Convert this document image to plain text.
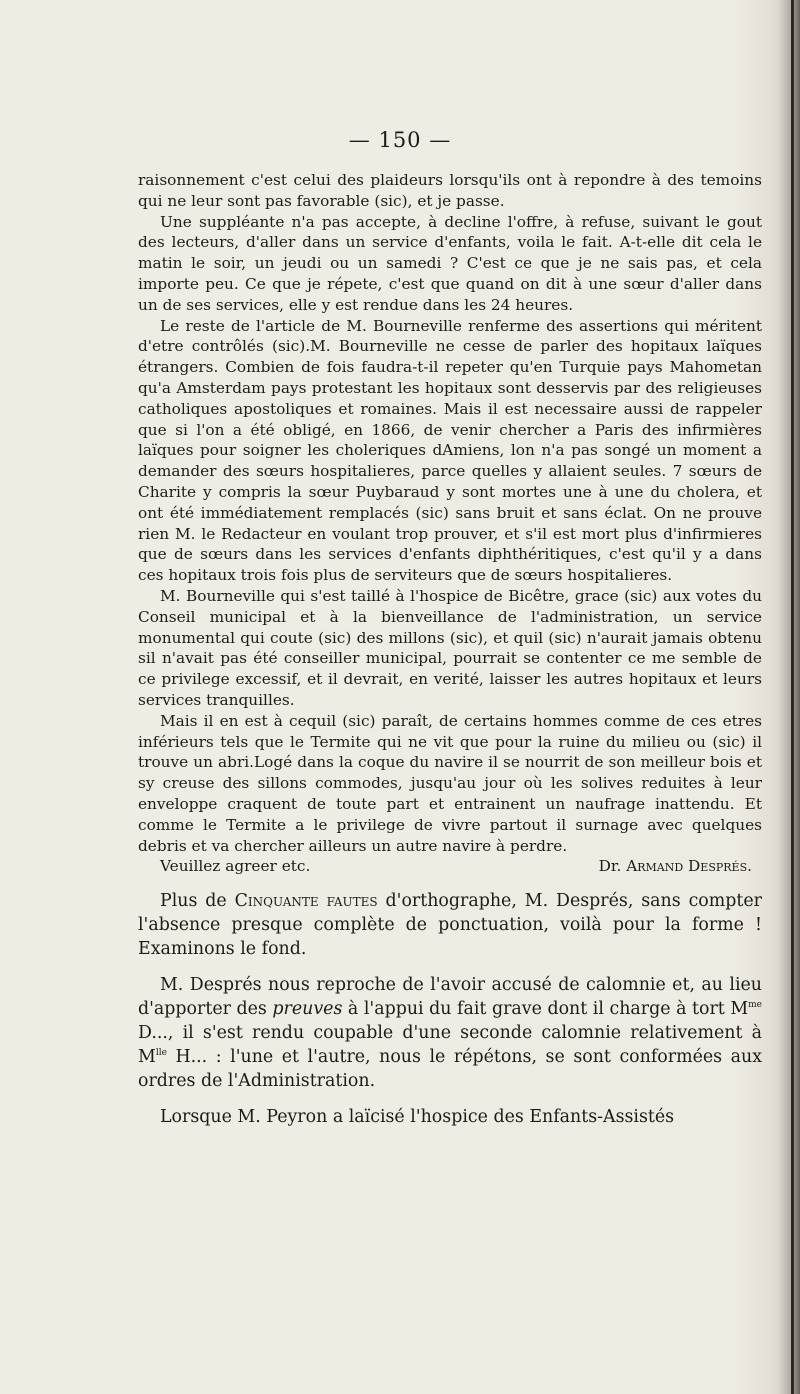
— 150 —

raisonnement c'est celui des plaideurs lorsqu'ils ont à repondre à des temoins qui ne leur sont pas favorable (sic), et je passe.

Une suppléante n'a pas accepte, à decline l'offre, à refuse, suivant le gout des lecteurs, d'aller dans un service d'enfants, voila le fait. A-t-elle dit cela le matin le soir, un jeudi ou un samedi ? C'est ce que je ne sais pas, et cela importe peu. Ce que je répete, c'est que quand on dit à une sœur d'aller dans un de ses services, elle y est rendue dans les 24 heures.

Le reste de l'article de M. Bourneville renferme des assertions qui méritent d'etre contrôlés (sic).M. Bourneville ne cesse de parler des hopitaux laïques étrangers. Combien de fois faudra-t-il repeter qu'en Turquie pays Mahometan qu'a Amsterdam pays protestant les hopitaux sont desservis par des religieuses catholiques apostoliques et romaines. Mais il est necessaire aussi de rappeler que si l'on a été obligé, en 1866, de venir chercher a Paris des infirmières laïques pour soigner les choleriques dAmiens, lon n'a pas songé un moment a demander des sœurs hospitalieres, parce quelles y allaient seules. 7 sœurs de Charite y compris la sœur Puybaraud y sont mortes une à une du cholera, et ont été immédiatement remplacés (sic) sans bruit et sans éclat. On ne prouve rien M. le Redacteur en voulant trop prouver, et s'il est mort plus d'infirmieres que de sœurs dans les services d'enfants diphthéritiques, c'est qu'il y a dans ces hopitaux trois fois plus de serviteurs que de sœurs hospitalieres.

M. Bourneville qui s'est taillé à l'hospice de Bicêtre, grace (sic) aux votes du Conseil municipal et à la bienveillance de l'administration, un service monumental qui coute (sic) des millons (sic), et quil (sic) n'aurait jamais obtenu sil n'avait pas été conseiller municipal, pourrait se contenter ce me semble de ce privilege excessif, et il devrait, en verité, laisser les autres hopitaux et leurs services tranquilles.

Mais il en est à cequil (sic) paraît, de certains hommes comme de ces etres inférieurs tels que le Termite qui ne vit que pour la ruine du milieu ou (sic) il trouve un abri.Logé dans la coque du navire il se nourrit de son meilleur bois et sy creuse des sillons commodes, jusqu'au jour où les solives reduites à leur enveloppe craquent de toute part et entrainent un naufrage inattendu. Et comme le Termite a le privilege de vivre partout il surnage avec quelques debris et va chercher ailleurs un autre navire à perdre.

Veuillez agreer etc.	Dr. Armand Després.

Plus de Cinquante fautes d'orthographe, M. Després, sans compter l'absence presque complète de ponctuation, voilà pour la forme ! Examinons le fond.

M. Després nous reproche de l'avoir accusé de calomnie et, au lieu d'apporter des preuves à l'appui du fait grave dont il charge à tort $M^{me}$ D..., il s'est rendu coupable d'une seconde calomnie relativement à $M^{lle}$ H... : l'une et l'autre, nous le répétons, se sont conformées aux ordres de l'Administration.

Lorsque M. Peyron a laïcisé l'hospice des Enfants-Assistés
